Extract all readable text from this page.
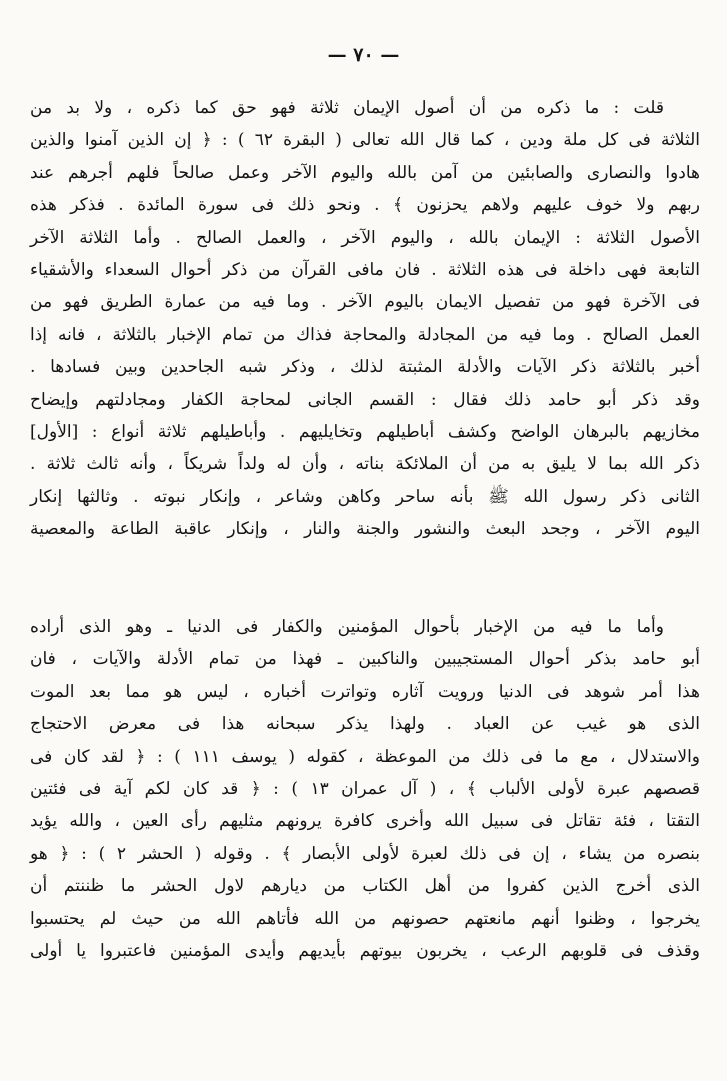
— ٧٠ —
قلت : ما ذكره من أن أصول الإيمان ثلاثة فهو حق كما ذكره ، ولا بد من
الثلاثة فى كل ملة ودين ، كما قال الله تعالى ( البقرة ٦٢ ) : ﴿ إن الذين آمنوا والذين
هادوا والنصارى والصابئين من آمن بالله واليوم الآخر وعمل صالحاً فلهم أجرهم عند
ربهم ولا خوف عليهم ولاهم يحزنون ﴾ . ونحو ذلك فى سورة المائدة . فذكر هذه
الأصول الثلاثة : الإيمان بالله ، واليوم الآخر ، والعمل الصالح . وأما الثلاثة الآخر
التابعة فهى داخلة فى هذه الثلاثة . فان مافى القرآن من ذكر أحوال السعداء والأشقياء
فى الآخرة فهو من تفصيل الايمان باليوم الآخر . وما فيه من عمارة الطريق فهو من
العمل الصالح . وما فيه من المجادلة والمحاجة فذاك من تمام الإخبار بالثلاثة ، فانه إذا
أخبر بالثلاثة ذكر الآيات والأدلة المثبتة لذلك ، وذكر شبه الجاحدين وبين فسادها .
وقد ذكر أبو حامد ذلك فقال : القسم الجانى لمحاجة الكفار ومجادلتهم وإيضاح
مخازيهم بالبرهان الواضح وكشف أباطيلهم وتخايليهم . وأباطيلهم ثلاثة أنواع : [الأول]
ذكر الله بما لا يليق به من أن الملائكة بناته ، وأن له ولداً شريكاً ، وأنه ثالث ثلاثة .
الثانى ذكر رسول الله ﷺ بأنه ساحر وكاهن وشاعر ، وإنكار نبوته . وثالثها إنكار
اليوم الآخر ، وجحد البعث والنشور والجنة والنار ، وإنكار عاقبة الطاعة والمعصية
وأما ما فيه من الإخبار بأحوال المؤمنين والكفار فى الدنيا ـ وهو الذى أراده
أبو حامد بذكر أحوال المستجيبين والناكبين ـ فهذا من تمام الأدلة والآيات ، فان
هذا أمر شوهد فى الدنيا ورويت آثاره وتواترت أخباره ، ليس هو مما بعد الموت
الذى هو غيب عن العباد . ولهذا يذكر سبحانه هذا فى معرض الاحتجاج
والاستدلال ، مع ما فى ذلك من الموعظة ، كقوله ( يوسف ١١١ ) : ﴿ لقد كان فى
قصصهم عبرة لأولى الألباب ﴾ ، ( آل عمران ١٣ ) : ﴿ قد كان لكم آية فى فئتين
التقتا ، فئة تقاتل فى سبيل الله وأخرى كافرة يرونهم مثليهم رأى العين ، والله يؤيد
بنصره من يشاء ، إن فى ذلك لعبرة لأولى الأبصار ﴾ . وقوله ( الحشر ٢ ) : ﴿ هو
الذى أخرج الذين كفروا من أهل الكتاب من ديارهم لاول الحشر ما ظننتم أن
يخرجوا ، وظنوا أنهم مانعتهم حصونهم من الله فأتاهم الله من حيث لم يحتسبوا
وقذف فى قلوبهم الرعب ، يخربون بيوتهم بأيديهم وأيدى المؤمنين فاعتبروا يا أولى
